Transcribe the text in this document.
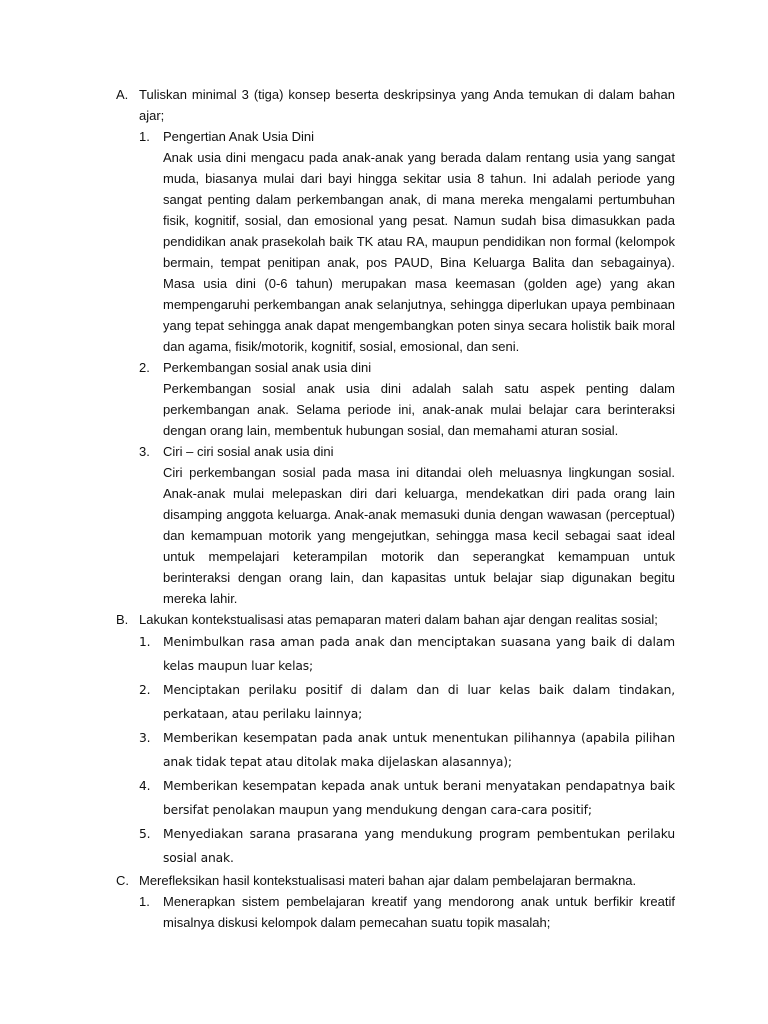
A. Tuliskan minimal 3 (tiga) konsep beserta deskripsinya yang Anda temukan di dalam bahan ajar;
1. Pengertian Anak Usia Dini
Anak usia dini mengacu pada anak-anak yang berada dalam rentang usia yang sangat muda, biasanya mulai dari bayi hingga sekitar usia 8 tahun. Ini adalah periode yang sangat penting dalam perkembangan anak, di mana mereka mengalami pertumbuhan fisik, kognitif, sosial, dan emosional yang pesat. Namun sudah bisa dimasukkan pada pendidikan anak prasekolah baik TK atau RA, maupun pendidikan non formal (kelompok bermain, tempat penitipan anak, pos PAUD, Bina Keluarga Balita dan sebagainya). Masa usia dini (0-6 tahun) merupakan masa keemasan (golden age) yang akan mempengaruhi perkembangan anak selanjutnya, sehingga diperlukan upaya pembinaan yang tepat sehingga anak dapat mengembangkan poten sinya secara holistik baik moral dan agama, fisik/motorik, kognitif, sosial, emosional, dan seni.
2. Perkembangan sosial anak usia dini
Perkembangan sosial anak usia dini adalah salah satu aspek penting dalam perkembangan anak. Selama periode ini, anak-anak mulai belajar cara berinteraksi dengan orang lain, membentuk hubungan sosial, dan memahami aturan sosial.
3. Ciri – ciri sosial anak usia dini
Ciri perkembangan sosial pada masa ini ditandai oleh meluasnya lingkungan sosial. Anak-anak mulai melepaskan diri dari keluarga, mendekatkan diri pada orang lain disamping anggota keluarga. Anak-anak memasuki dunia dengan wawasan (perceptual) dan kemampuan motorik yang mengejutkan, sehingga masa kecil sebagai saat ideal untuk mempelajari keterampilan motorik dan seperangkat kemampuan untuk berinteraksi dengan orang lain, dan kapasitas untuk belajar siap digunakan begitu mereka lahir.
B. Lakukan kontekstualisasi atas pemaparan materi dalam bahan ajar dengan realitas sosial;
1. Menimbulkan rasa aman pada anak dan menciptakan suasana yang baik di dalam kelas maupun luar kelas;
2. Menciptakan perilaku positif di dalam dan di luar kelas baik dalam tindakan, perkataan, atau perilaku lainnya;
3. Memberikan kesempatan pada anak untuk menentukan pilihannya (apabila pilihan anak tidak tepat atau ditolak maka dijelaskan alasannya);
4. Memberikan kesempatan kepada anak untuk berani menyatakan pendapatnya baik bersifat penolakan maupun yang mendukung dengan cara-cara positif;
5. Menyediakan sarana prasarana yang mendukung program pembentukan perilaku sosial anak.
C. Merefleksikan hasil kontekstualisasi materi bahan ajar dalam pembelajaran bermakna.
1. Menerapkan sistem pembelajaran kreatif yang mendorong anak untuk berfikir kreatif misalnya diskusi kelompok dalam pemecahan suatu topik masalah;
